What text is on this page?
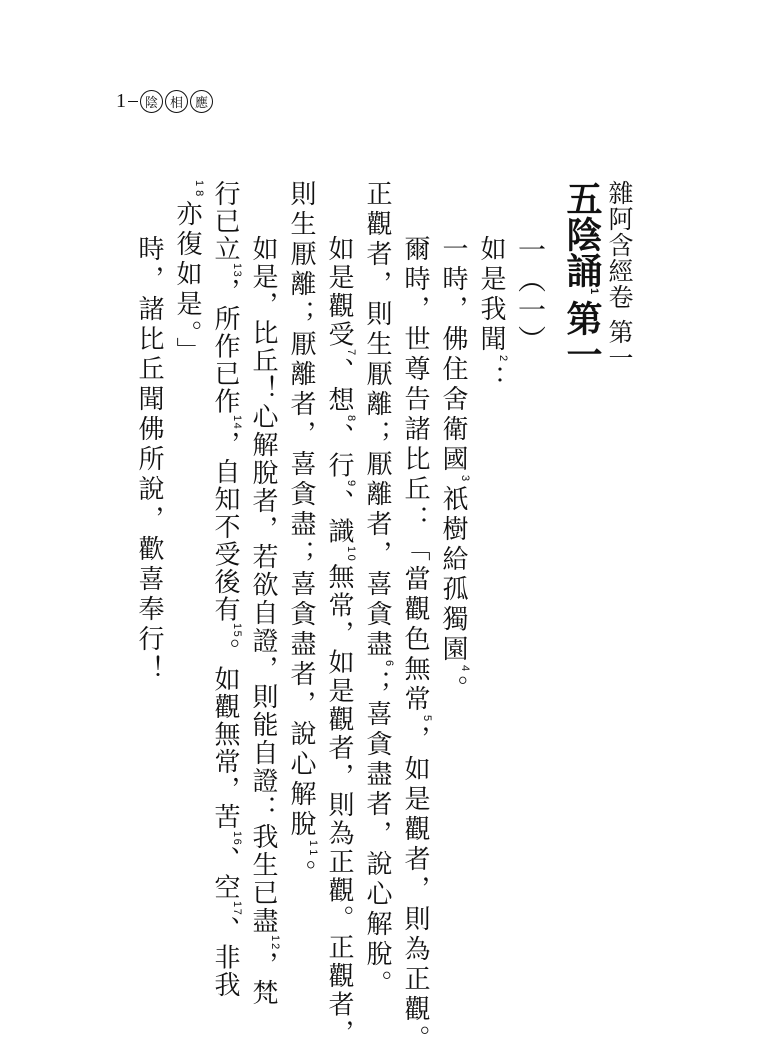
1	陰 相 應
雜阿含經卷 第一
五陰誦1第一
一（一）
如是我聞2：
一時，佛住舍衛國3祇樹給孤獨園4。
爾時，世尊告諸比丘：「當觀色無常5，如是觀者，則為正觀。
正觀者，則生厭離；厭離者，喜貪盡6；喜貪盡者，說心解脫。
如是觀受7、想8、行9、識10無常，如是觀者，則為正觀。正觀者，
則生厭離；厭離者，喜貪盡；喜貪盡者，說心解脫11。
如是，比丘！心解脫者，若欲自證，則能自證：我生已盡12，梵
行已立13，所作已作14，自知不受後有15。如觀無常，苦16、空17、非我
18亦復如是。」
時，諸比丘聞佛所說，歡喜奉行！
